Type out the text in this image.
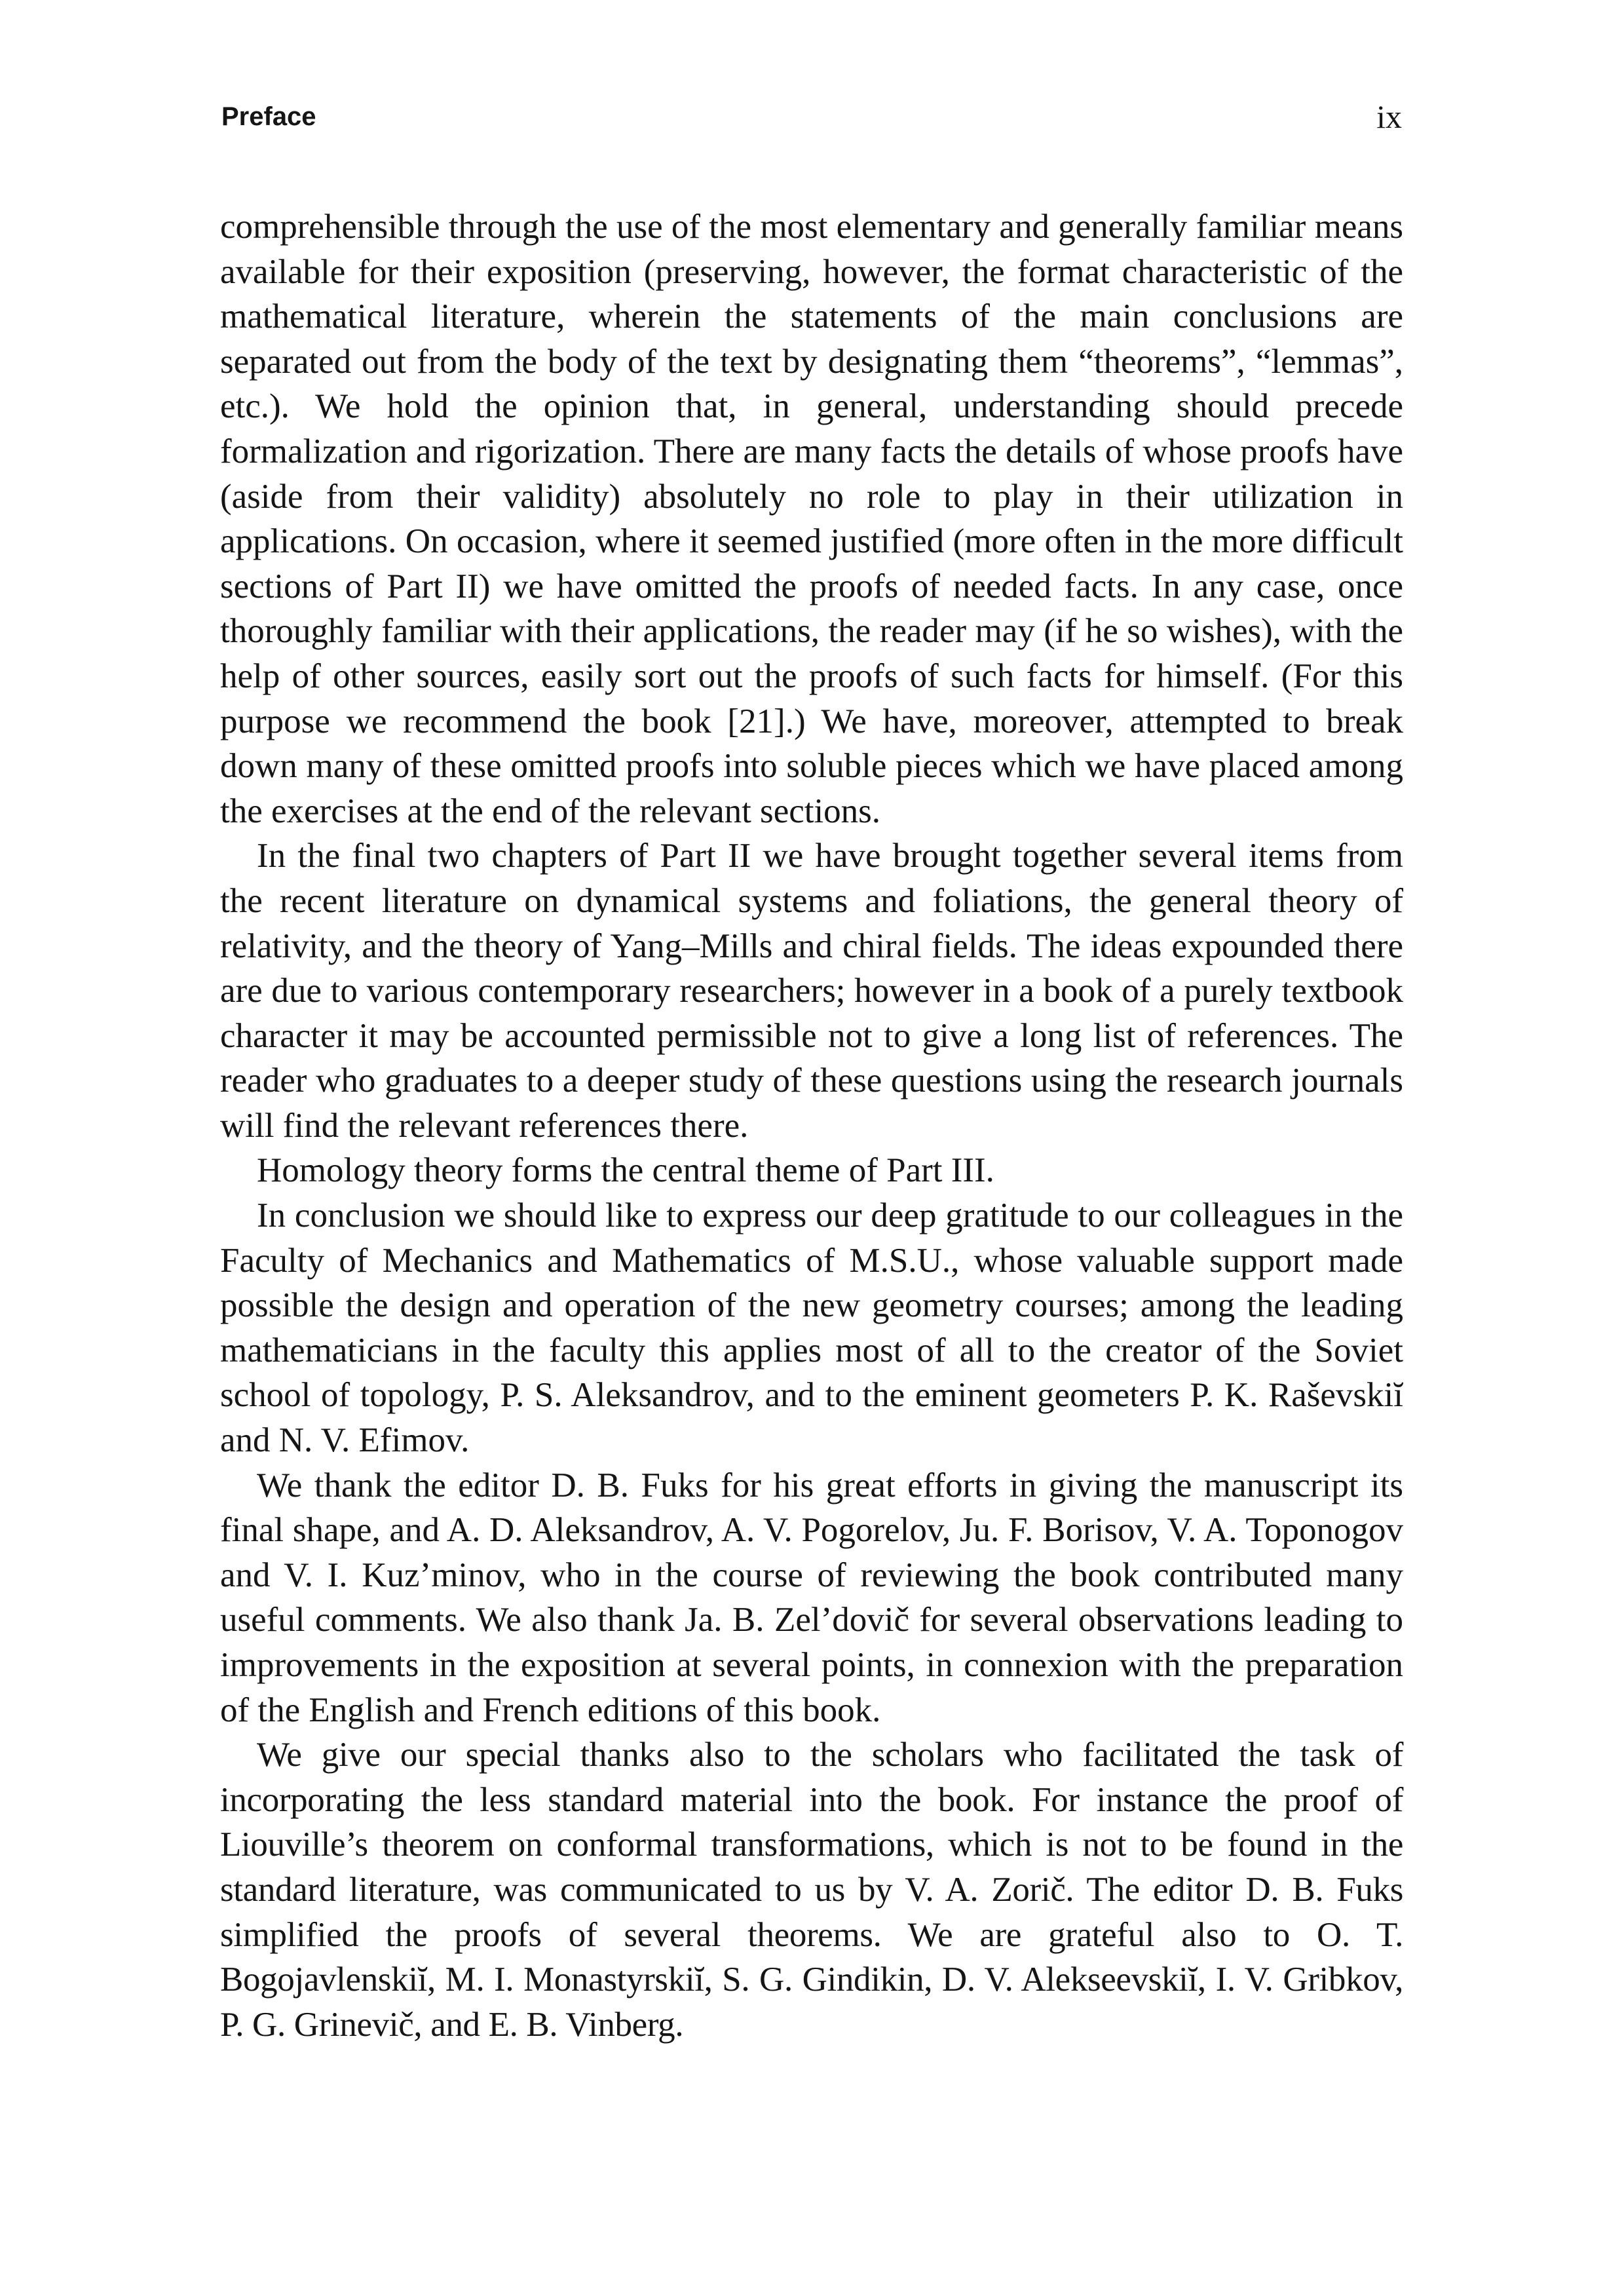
Preface	ix

comprehensible through the use of the most elementary and generally familiar means available for their exposition (preserving, however, the format characteristic of the mathematical literature, wherein the statements of the main conclusions are separated out from the body of the text by designating them “theorems”, “lemmas”, etc.). We hold the opinion that, in general, understanding should precede formalization and rigorization. There are many facts the details of whose proofs have (aside from their validity) absolutely no role to play in their utilization in applications. On occasion, where it seemed justified (more often in the more difficult sections of Part II) we have omitted the proofs of needed facts. In any case, once thoroughly familiar with their applications, the reader may (if he so wishes), with the help of other sources, easily sort out the proofs of such facts for himself. (For this purpose we recommend the book [21].) We have, moreover, attempted to break down many of these omitted proofs into soluble pieces which we have placed among the exercises at the end of the relevant sections.

In the final two chapters of Part II we have brought together several items from the recent literature on dynamical systems and foliations, the general theory of relativity, and the theory of Yang–Mills and chiral fields. The ideas expounded there are due to various contemporary researchers; however in a book of a purely textbook character it may be accounted permissible not to give a long list of references. The reader who graduates to a deeper study of these questions using the research journals will find the relevant references there.

Homology theory forms the central theme of Part III.

In conclusion we should like to express our deep gratitude to our colleagues in the Faculty of Mechanics and Mathematics of M.S.U., whose valuable support made possible the design and operation of the new geometry courses; among the leading mathematicians in the faculty this applies most of all to the creator of the Soviet school of topology, P. S. Aleksandrov, and to the eminent geometers P. K. Raševskiĭ and N. V. Efimov.

We thank the editor D. B. Fuks for his great efforts in giving the manuscript its final shape, and A. D. Aleksandrov, A. V. Pogorelov, Ju. F. Borisov, V. A. Toponogov and V. I. Kuz’minov, who in the course of reviewing the book contributed many useful comments. We also thank Ja. B. Zel’dovič for several observations leading to improvements in the exposition at several points, in connexion with the preparation of the English and French editions of this book.

We give our special thanks also to the scholars who facilitated the task of incorporating the less standard material into the book. For instance the proof of Liouville’s theorem on conformal transformations, which is not to be found in the standard literature, was communicated to us by V. A. Zorič. The editor D. B. Fuks simplified the proofs of several theorems. We are grateful also to O. T. Bogojavlenskiĭ, M. I. Monastyrskiĭ, S. G. Gindikin, D. V. Alekseevskiĭ, I. V. Gribkov, P. G. Grinevič, and E. B. Vinberg.
